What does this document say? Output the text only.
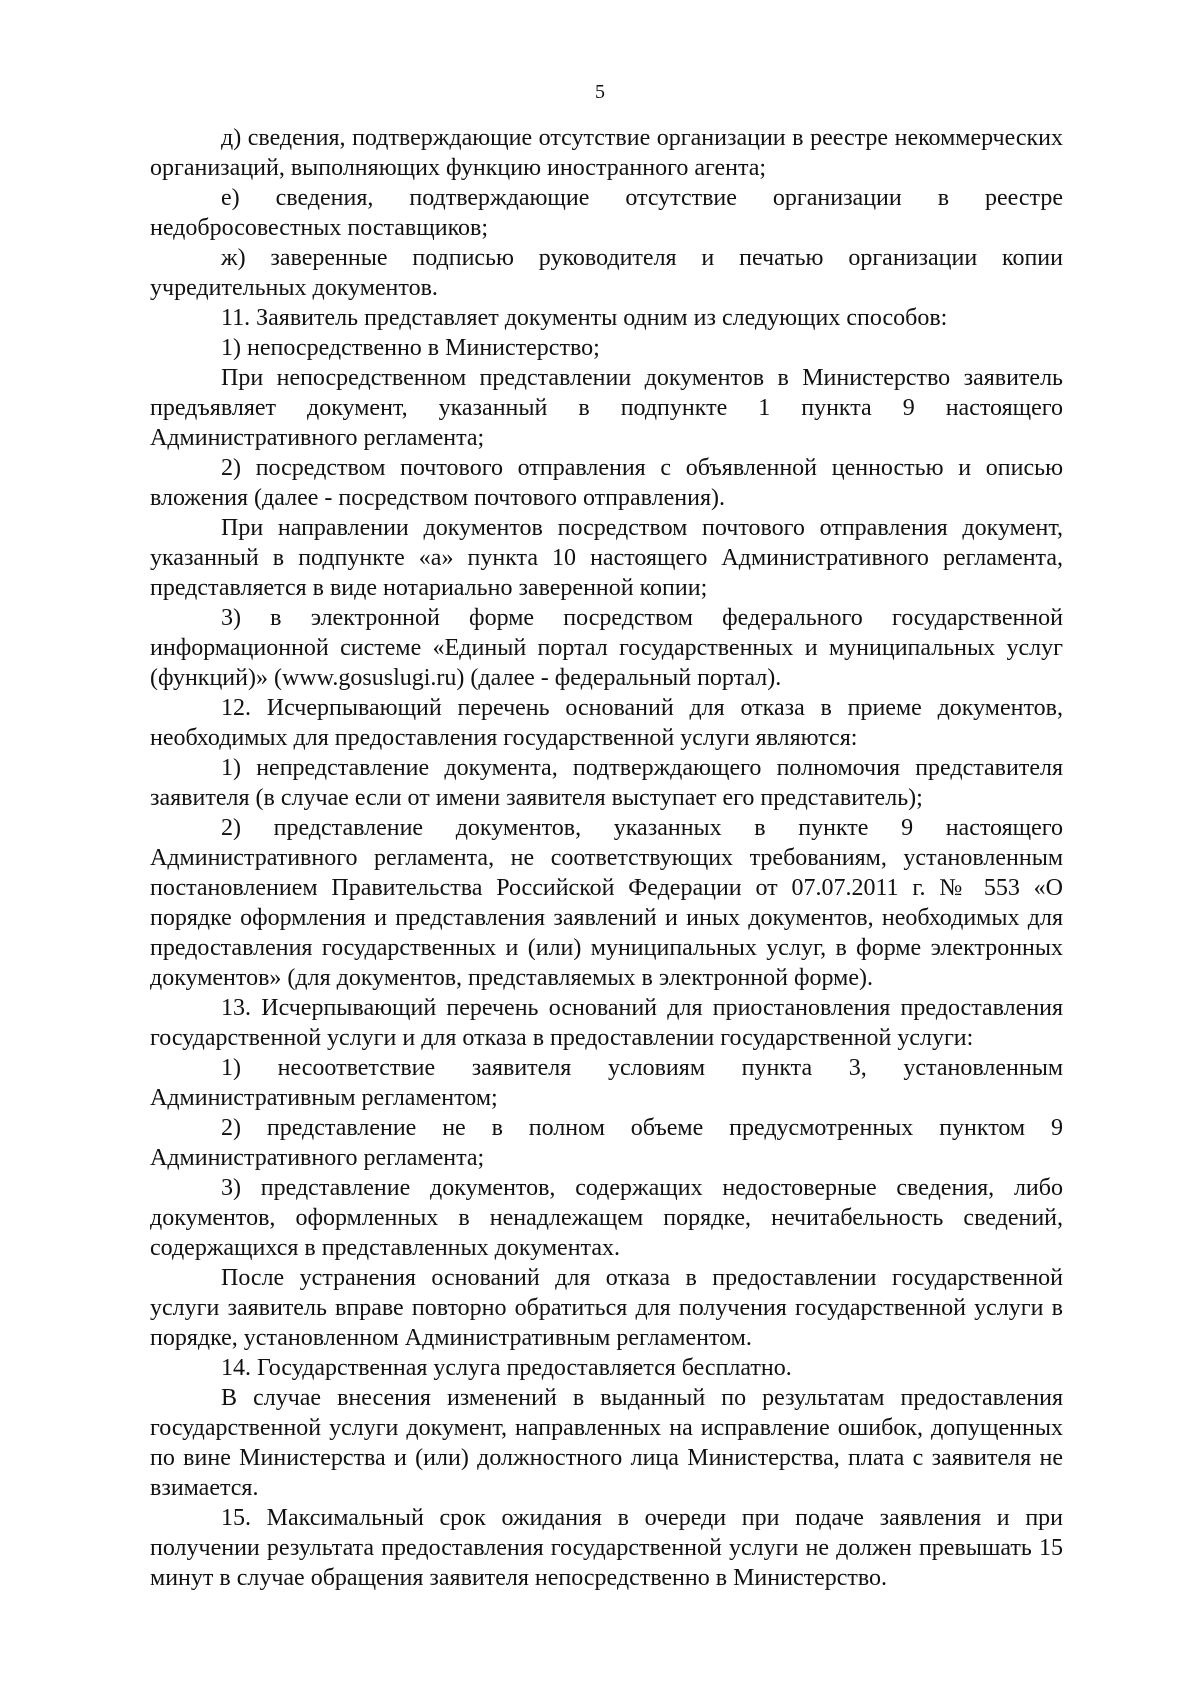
5

д) сведения, подтверждающие отсутствие организации в реестре некоммерческих организаций, выполняющих функцию иностранного агента;

е) сведения, подтверждающие отсутствие организации в реестре недобросовестных поставщиков;

ж) заверенные подписью руководителя и печатью организации копии учредительных документов.

11. Заявитель представляет документы одним из следующих способов:

1) непосредственно в Министерство;

При непосредственном представлении документов в Министерство заявитель предъявляет документ, указанный в подпункте 1 пункта 9 настоящего Административного регламента;

2) посредством почтового отправления с объявленной ценностью и описью вложения (далее - посредством почтового отправления).

При направлении документов посредством почтового отправления документ, указанный в подпункте «а» пункта 10 настоящего Административного регламента, представляется в виде нотариально заверенной копии;

3) в электронной форме посредством федерального государственной информационной системе «Единый портал государственных и муниципальных услуг (функций)» (www.gosuslugi.ru) (далее - федеральный портал).

12. Исчерпывающий перечень оснований для отказа в приеме документов, необходимых для предоставления государственной услуги являются:

1) непредставление документа, подтверждающего полномочия представителя заявителя (в случае если от имени заявителя выступает его представитель);

2) представление документов, указанных в пункте 9 настоящего Административного регламента, не соответствующих требованиям, установленным постановлением Правительства Российской Федерации от 07.07.2011 г. № 553 «О порядке оформления и представления заявлений и иных документов, необходимых для предоставления государственных и (или) муниципальных услуг, в форме электронных документов» (для документов, представляемых в электронной форме).

13. Исчерпывающий перечень оснований для приостановления предоставления государственной услуги и для отказа в предоставлении государственной услуги:

1) несоответствие заявителя условиям пункта 3, установленным Административным регламентом;

2) представление не в полном объеме предусмотренных пунктом 9 Административного регламента;

3) представление документов, содержащих недостоверные сведения, либо документов, оформленных в ненадлежащем порядке, нечитабельность сведений, содержащихся в представленных документах.

После устранения оснований для отказа в предоставлении государственной услуги заявитель вправе повторно обратиться для получения государственной услуги в порядке, установленном Административным регламентом.

14. Государственная услуга предоставляется бесплатно.

В случае внесения изменений в выданный по результатам предоставления государственной услуги документ, направленных на исправление ошибок, допущенных по вине Министерства и (или) должностного лица Министерства, плата с заявителя не взимается.

15. Максимальный срок ожидания в очереди при подаче заявления и при получении результата предоставления государственной услуги не должен превышать 15 минут в случае обращения заявителя непосредственно в Министерство.
